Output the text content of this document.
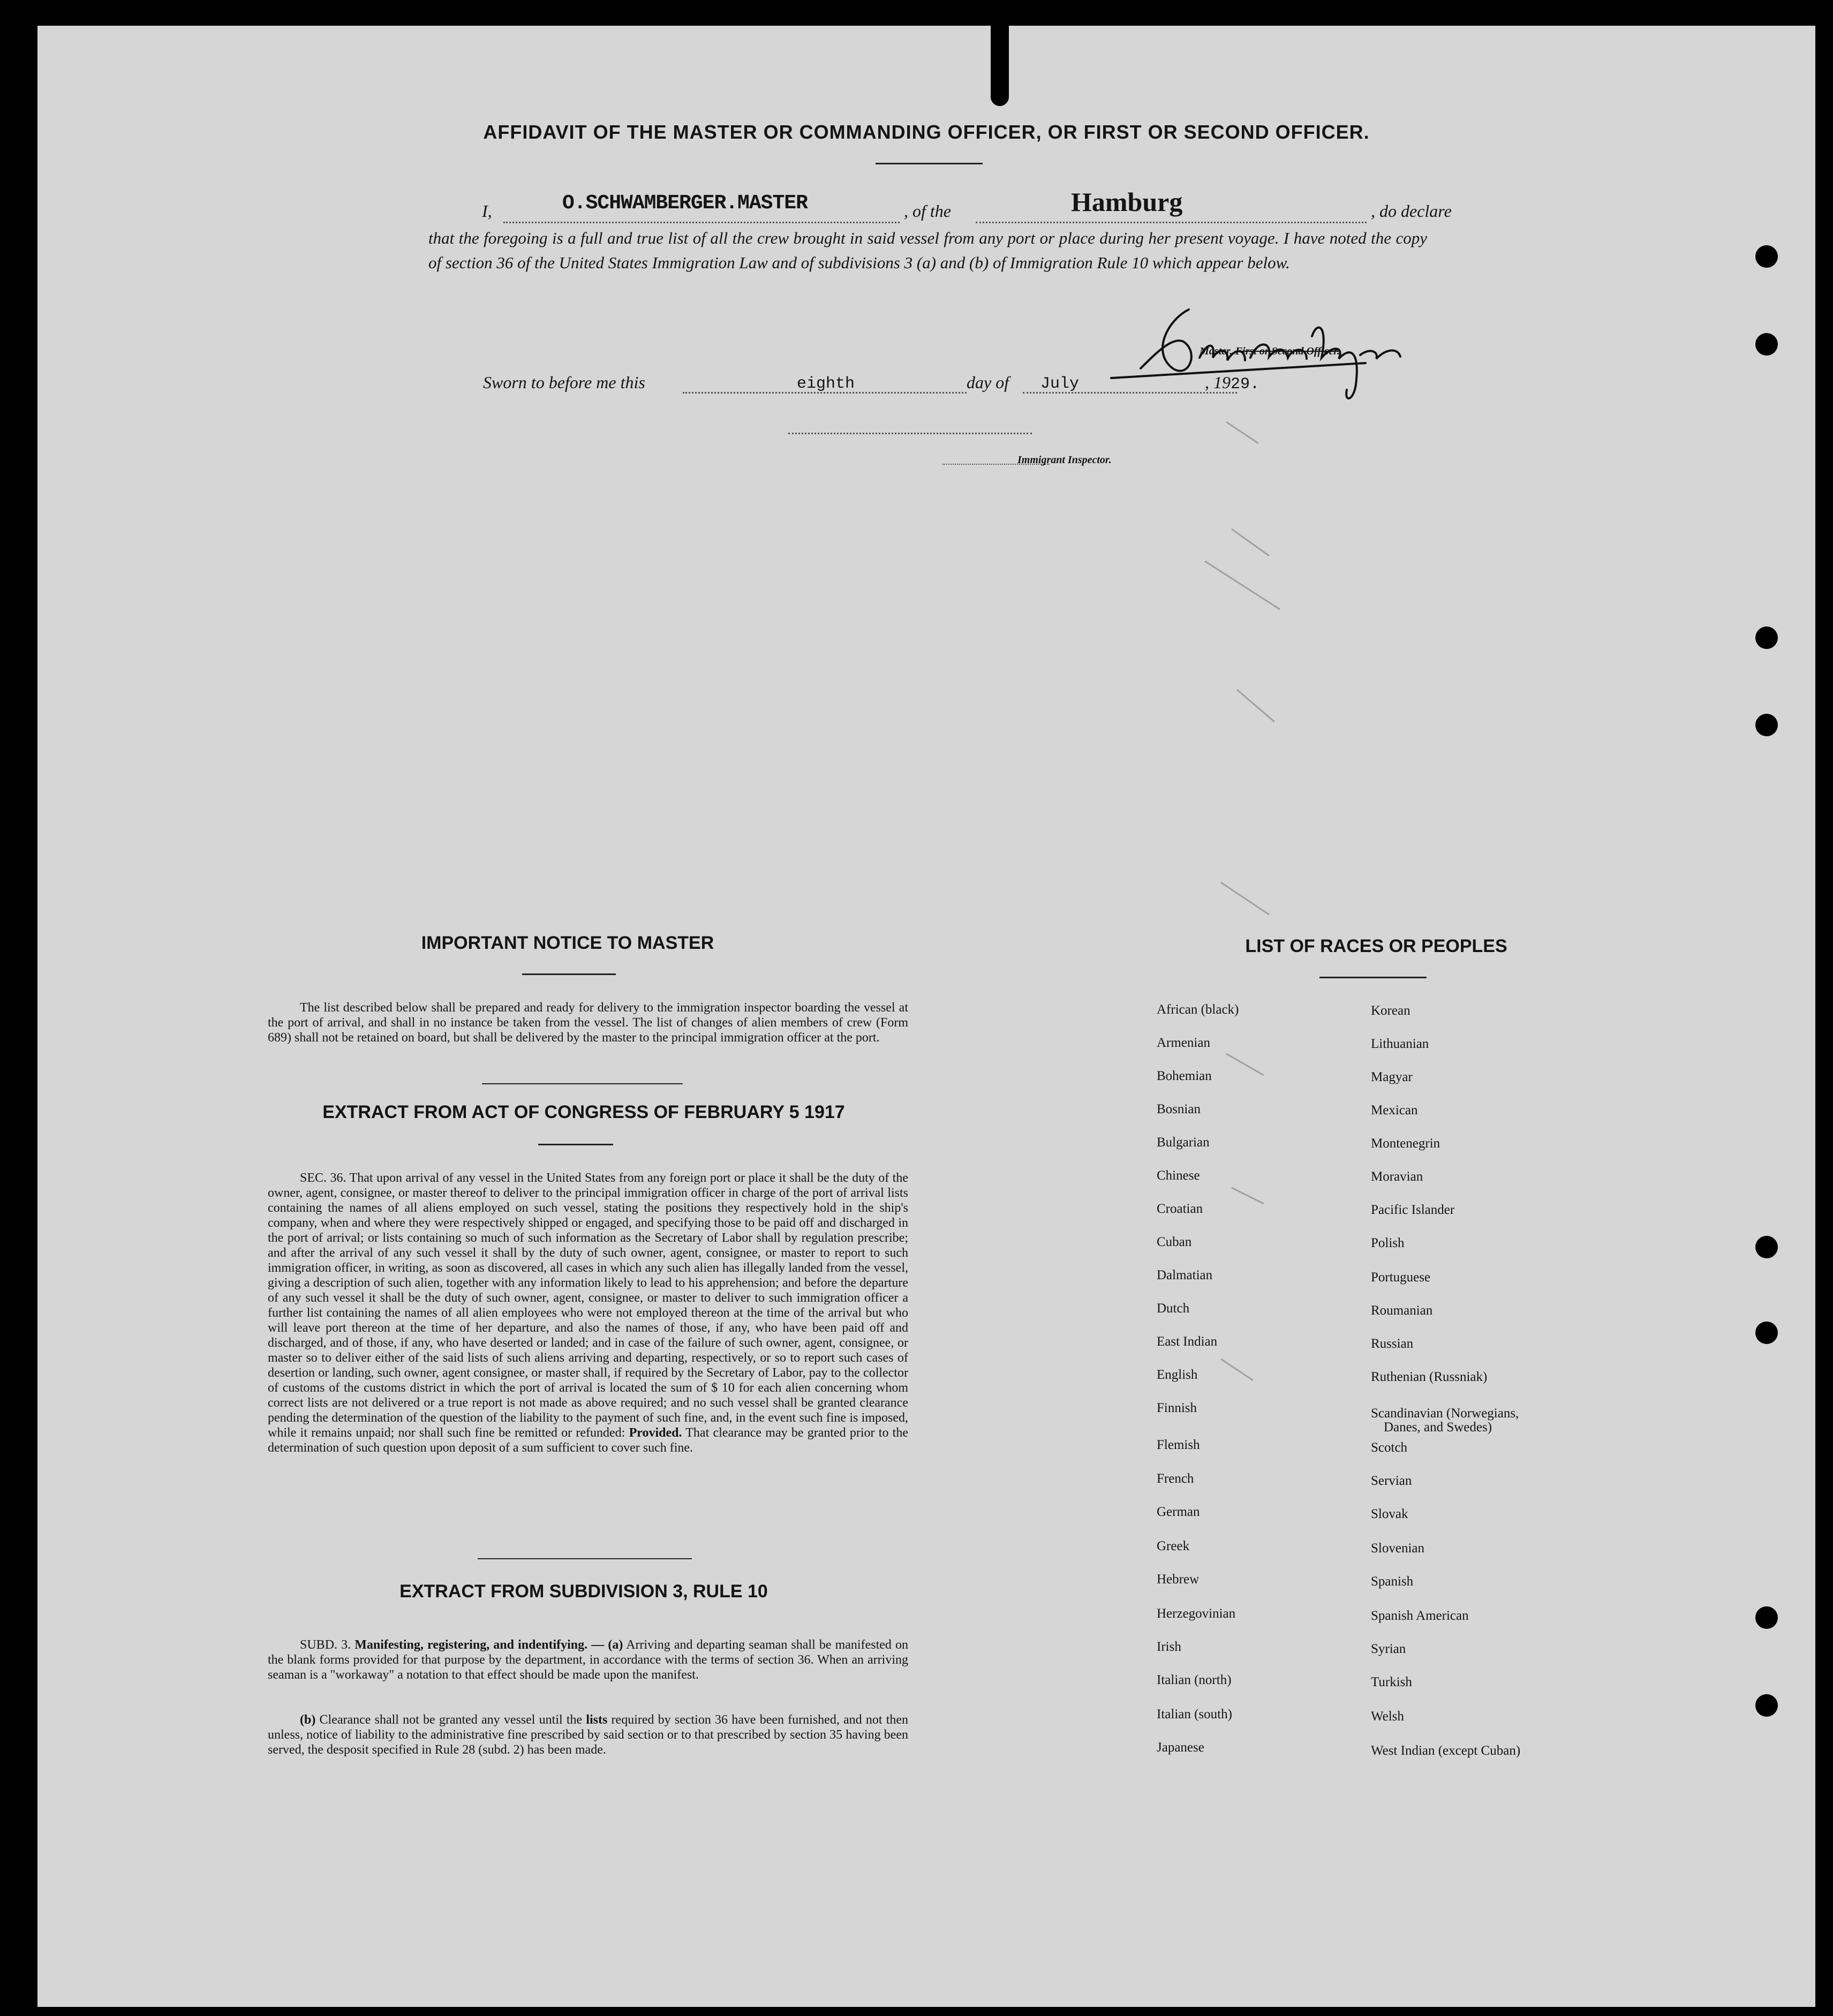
AFFIDAVIT OF THE MASTER OR COMMANDING OFFICER, OR FIRST OR SECOND OFFICER.
I,	O.SCHWAMBERGER.MASTER	, of the	Hamburg	, do declare
that the foregoing is a full and true list of all the crew brought in said vessel from any port or place during her present voyage. I have noted the copy of section 36 of the United States Immigration Law and of subdivisions 3 (a) and (b) of Immigration Rule 10 which appear below.
Master, First or Second Officer.
Sworn to before me this	eighth	day of July	, 1929.
Immigrant Inspector.
IMPORTANT NOTICE TO MASTER
The list described below shall be prepared and ready for delivery to the immigration inspector boarding the vessel at the port of arrival, and shall in no instance be taken from the vessel. The list of changes of alien members of crew (Form 689) shall not be retained on board, but shall be delivered by the master to the principal immigration officer at the port.
EXTRACT FROM ACT OF CONGRESS OF FEBRUARY 5 1917
SEC. 36. That upon arrival of any vessel in the United States from any foreign port or place it shall be the duty of the owner, agent, consignee, or master thereof to deliver to the principal immigration officer in charge of the port of arrival lists containing the names of all aliens employed on such vessel, stating the positions they respectively hold in the ship's company, when and where they were respectively shipped or engaged, and specifying those to be paid off and discharged in the port of arrival; or lists containing so much of such information as the Secretary of Labor shall by regulation prescribe; and after the arrival of any such vessel it shall by the duty of such owner, agent, consignee, or master to report to such immigration officer, in writing, as soon as discovered, all cases in which any such alien has illegally landed from the vessel, giving a description of such alien, together with any information likely to lead to his apprehension; and before the departure of any such vessel it shall be the duty of such owner, agent, consignee, or master to deliver to such immigration officer a further list containing the names of all alien employees who were not employed thereon at the time of the arrival but who will leave port thereon at the time of her departure, and also the names of those, if any, who have been paid off and discharged, and of those, if any, who have deserted or landed; and in case of the failure of such owner, agent, consignee, or master so to deliver either of the said lists of such aliens arriving and departing, respectively, or so to report such cases of desertion or landing, such owner, agent consignee, or master shall, if required by the Secretary of Labor, pay to the collector of customs of the customs district in which the port of arrival is located the sum of $ 10 for each alien concerning whom correct lists are not delivered or a true report is not made as above required; and no such vessel shall be granted clearance pending the determination of the question of the liability to the payment of such fine, and, in the event such fine is imposed, while it remains unpaid; nor shall such fine be remitted or refunded: Provided. That clearance may be granted prior to the determination of such question upon deposit of a sum sufficient to cover such fine.
EXTRACT FROM SUBDIVISION 3, RULE 10
SUBD. 3. Manifesting, registering, and indentifying. — (a) Arriving and departing seaman shall be manifested on the blank forms provided for that purpose by the department, in accordance with the terms of section 36. When an arriving seaman is a "workaway" a notation to that effect should be made upon the manifest.
(b) Clearance shall not be granted any vessel until the lists required by section 36 have been furnished, and not then unless, notice of liability to the administrative fine prescribed by said section or to that prescribed by section 35 having been served, the desposit specified in Rule 28 (subd. 2) has been made.
LIST OF RACES OR PEOPLES
African (black)
Armenian
Bohemian
Bosnian
Bulgarian
Chinese
Croatian
Cuban
Dalmatian
Dutch
East Indian
English
Finnish
Flemish
French
German
Greek
Hebrew
Herzegovinian
Irish
Italian (north)
Italian (south)
Japanese
Korean
Lithuanian
Magyar
Mexican
Montenegrin
Moravian
Pacific Islander
Polish
Portuguese
Roumanian
Russian
Ruthenian (Russniak)
Scandinavian (Norwegians,
Danes, and Swedes)
Scotch
Servian
Slovak
Slovenian
Spanish
Spanish American
Syrian
Turkish
Welsh
West Indian (except Cuban)
